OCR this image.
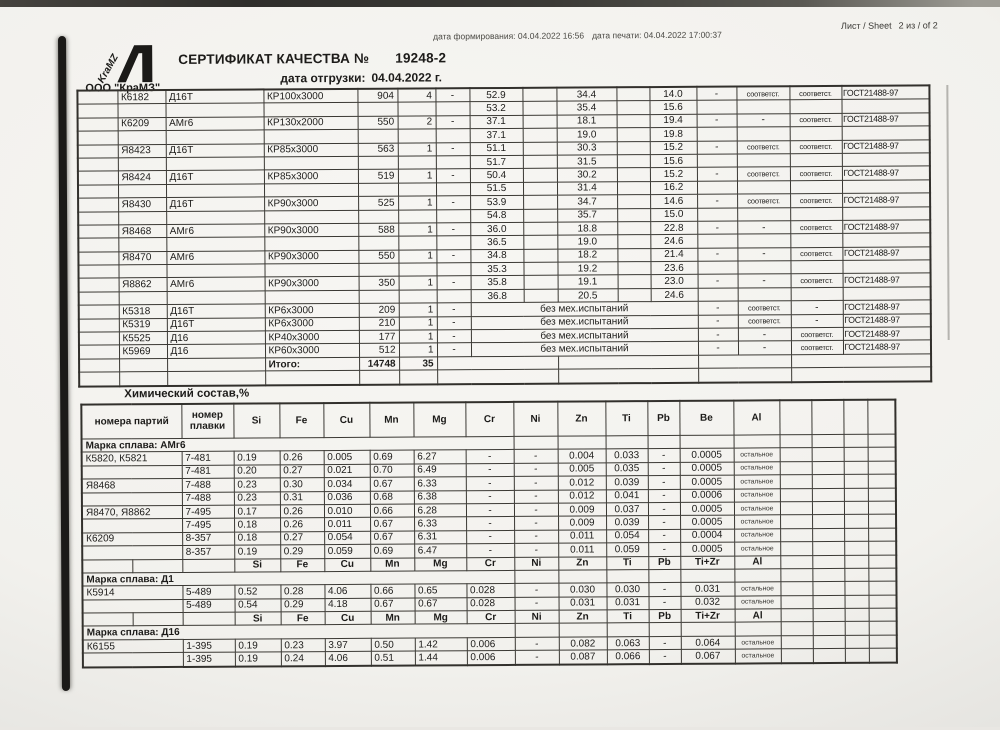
дата формирования: 04.04.2022 16:56 дата печати: 04.04.2022 17:00:37
Лист / Sheet 2 из / of 2
KraMZ
ООО "КраМЗ"
СЕРТИФИКАТ КАЧЕСТВА № 19248-2
дата отгрузки: 04.04.2022 г.
	К6182	Д16Т	КР100x3000	904	4	-	52.9		34.4		14.0	-	соответст.	соответст.	ГОСТ21488-97
							53.2		35.4		15.6				
	К6209	АМг6	КР130x2000	550	2	-	37.1		18.1		19.4	-	-	соответст.	ГОСТ21488-97
							37.1		19.0		19.8				
	Я8423	Д16Т	КР85x3000	563	1	-	51.1		30.3		15.2	-	соответст.	соответст.	ГОСТ21488-97
							51.7		31.5		15.6				
	Я8424	Д16Т	КР85x3000	519	1	-	50.4		30.2		15.2	-	соответст.	соответст.	ГОСТ21488-97
							51.5		31.4		16.2				
	Я8430	Д16Т	КР90x3000	525	1	-	53.9		34.7		14.6	-	соответст.	соответст.	ГОСТ21488-97
							54.8		35.7		15.0				
	Я8468	АМг6	КР90x3000	588	1	-	36.0		18.8		22.8	-	-	соответст.	ГОСТ21488-97
							36.5		19.0		24.6				
	Я8470	АМг6	КР90x3000	550	1	-	34.8		18.2		21.4	-	-	соответст.	ГОСТ21488-97
							35.3		19.2		23.6				
	Я8862	АМг6	КР90x3000	350	1	-	35.8		19.1		23.0	-	-	соответст.	ГОСТ21488-97
							36.8		20.5		24.6				
	К5318	Д16Т	КР6x3000	209	1	-	без мех.испытаний					-	соответст.	-	ГОСТ21488-97
	К5319	Д16Т	КР6x3000	210	1	-	без мех.испытаний					-	соответст.	-	ГОСТ21488-97
	К5525	Д16	КР40x3000	177	1	-	без мех.испытаний					-	-	соответст.	ГОСТ21488-97
	К5969	Д16	КР60x3000	512	1	-	без мех.испытаний					-	-	соответст.	ГОСТ21488-97
			Итого:	14748	35										

Химический состав,%
номера партий		номер
плавки	Si	Fe	Cu	Mn	Mg	Cr	Ni	Zn	Ti	Pb	Be	Al				
Марка сплава: АМг6																		
К5820, К5821		7-481	0.19	0.26	0.005	0.69	6.27	-	-	0.004	0.033	-	0.0005	остальное				
		7-481	0.20	0.27	0.021	0.70	6.49	-	-	0.005	0.035	-	0.0005	остальное				
Я8468		7-488	0.23	0.30	0.034	0.67	6.33	-	-	0.012	0.039	-	0.0005	остальное				
		7-488	0.23	0.31	0.036	0.68	6.38	-	-	0.012	0.041	-	0.0006	остальное				
Я8470, Я8862		7-495	0.17	0.26	0.010	0.66	6.28	-	-	0.009	0.037	-	0.0005	остальное				
		7-495	0.18	0.26	0.011	0.67	6.33	-	-	0.009	0.039	-	0.0005	остальное				
К6209		8-357	0.18	0.27	0.054	0.67	6.31	-	-	0.011	0.054	-	0.0004	остальное				
		8-357	0.19	0.29	0.059	0.69	6.47	-	-	0.011	0.059	-	0.0005	остальное				
			Si	Fe	Cu	Mn	Mg	Cr	Ni	Zn	Ti	Pb	Ti+Zr	Al				
Марка сплава: Д1																		
К5914		5-489	0.52	0.28	4.06	0.66	0.65	0.028	-	0.030	0.030	-	0.031	остальное				
		5-489	0.54	0.29	4.18	0.67	0.67	0.028	-	0.031	0.031	-	0.032	остальное				
			Si	Fe	Cu	Mn	Mg	Cr	Ni	Zn	Ti	Pb	Ti+Zr	Al				
Марка сплава: Д16																		
К6155		1-395	0.19	0.23	3.97	0.50	1.42	0.006	-	0.082	0.063	-	0.064	остальное				
		1-395	0.19	0.24	4.06	0.51	1.44	0.006	-	0.087	0.066	-	0.067	остальное				
